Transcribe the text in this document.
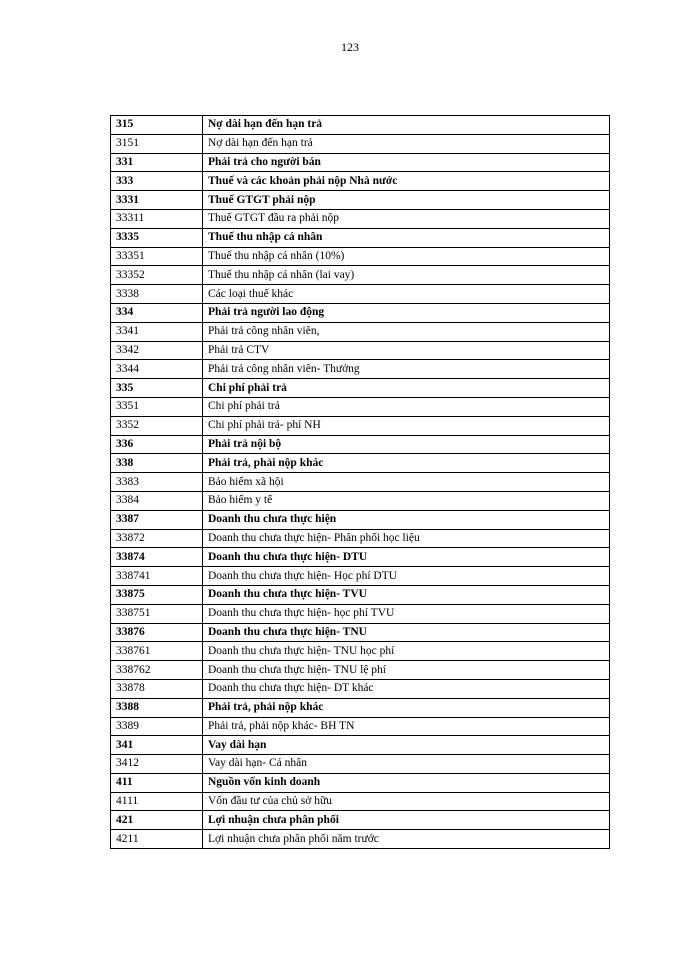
123
315	Nợ dài hạn đến hạn trả
3151	Nợ dài hạn đến hạn trả
331	Phải trả cho người bán
333	Thuế và các khoản phải nộp Nhà nước
3331	Thuế GTGT phải nộp
33311	Thuế GTGT đầu ra phải nộp
3335	Thuế thu nhập cá nhân
33351	Thuế thu nhập cá nhân (10%)
33352	Thuế thu nhập cá nhân (lai vay)
3338	Các loại thuế khác
334	Phải trả người lao động
3341	Phải trả công nhân viên,
3342	Phải trả CTV
3344	Phải trả công nhân viên- Thưởng
335	Chi phí phải trả
3351	Chi phí phải trả
3352	Chi phí phải trả- phí NH
336	Phải trả nội bộ
338	Phải trả, phải nộp khác
3383	Bảo hiểm xã hội
3384	Bảo hiểm y tế
3387	Doanh thu chưa thực hiện
33872	Doanh thu chưa thực hiện- Phân phối học liệu
33874	Doanh thu chưa thực hiện- DTU
338741	Doanh thu chưa thực hiện- Học phí DTU
33875	Doanh thu chưa thực hiện- TVU
338751	Doanh thu chưa thực hiện- học phí TVU
33876	Doanh thu chưa thực hiện- TNU
338761	Doanh thu chưa thực hiện- TNU học phí
338762	Doanh thu chưa thực hiện- TNU lệ phí
33878	Doanh thu chưa thực hiện- DT khác
3388	Phải trả, phải nộp khác
3389	Phải trả, phải nộp khác- BH TN
341	Vay dài hạn
3412	Vay dài hạn- Cá nhân
411	Nguồn vốn kinh doanh
4111	Vốn đầu tư của chủ sở hữu
421	Lợi nhuận chưa phân phối
4211	Lợi nhuận chưa phân phối năm trước
